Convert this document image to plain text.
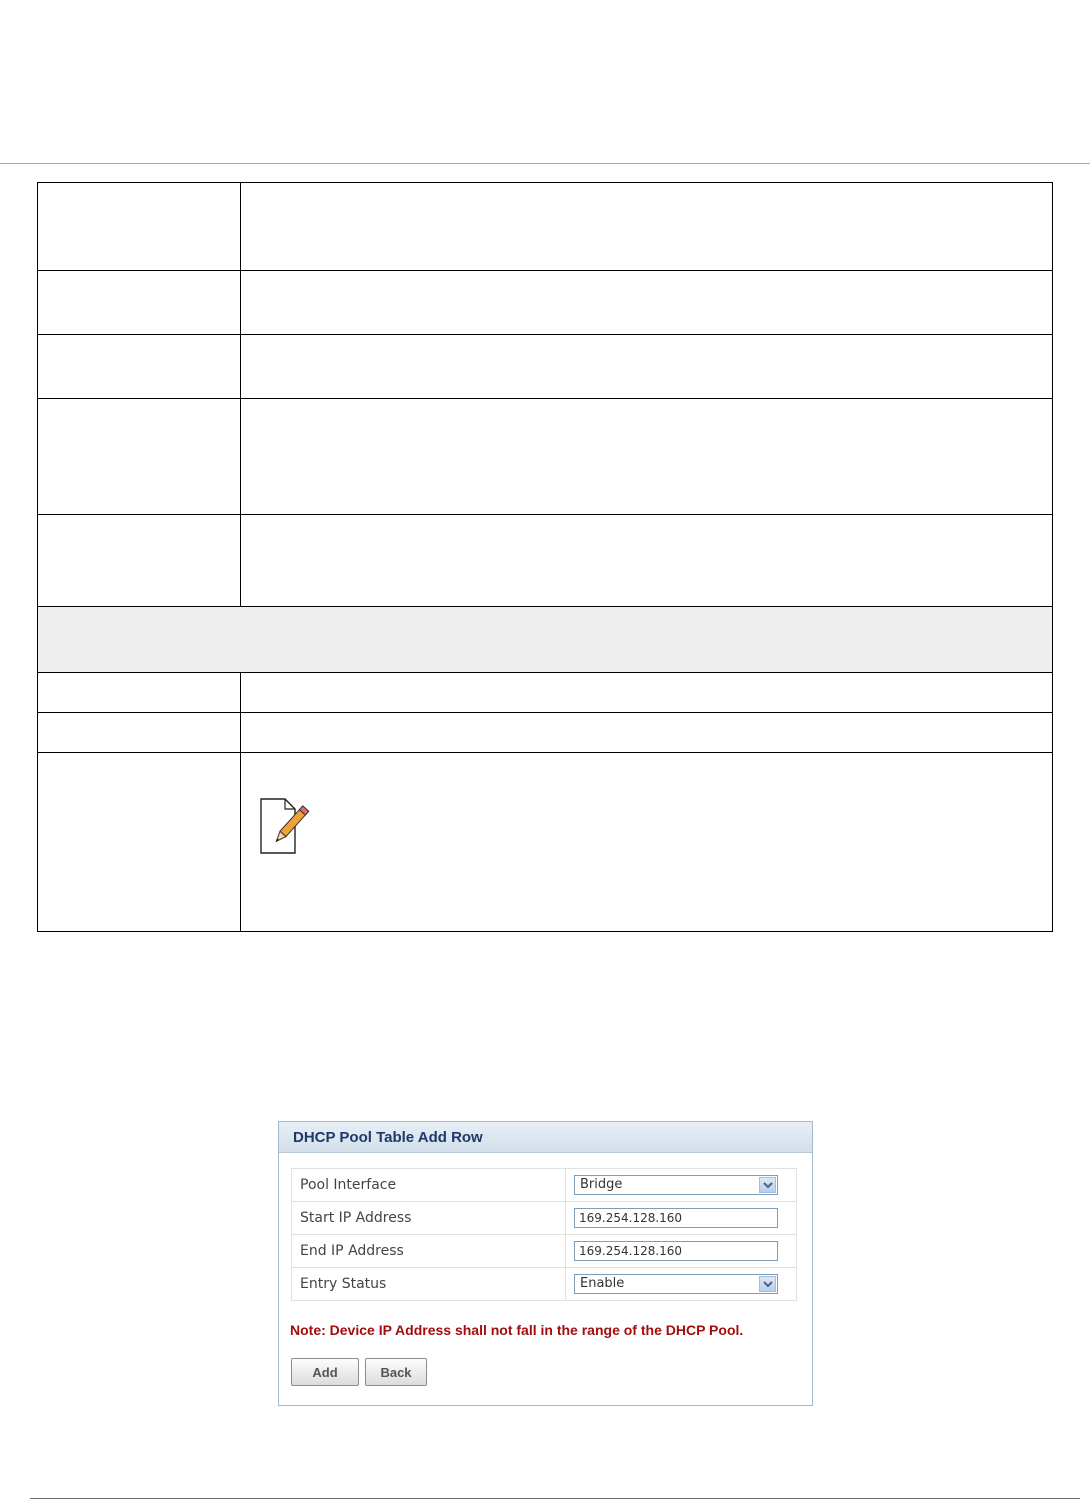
DHCP Pool Table Add Row
Pool Interface	Bridge

Start IP Address	169.254.128.160
End IP Address	169.254.128.160
Entry Status	Enable
Note: Device IP Address shall not fall in the range of the DHCP Pool.
Add	Back
